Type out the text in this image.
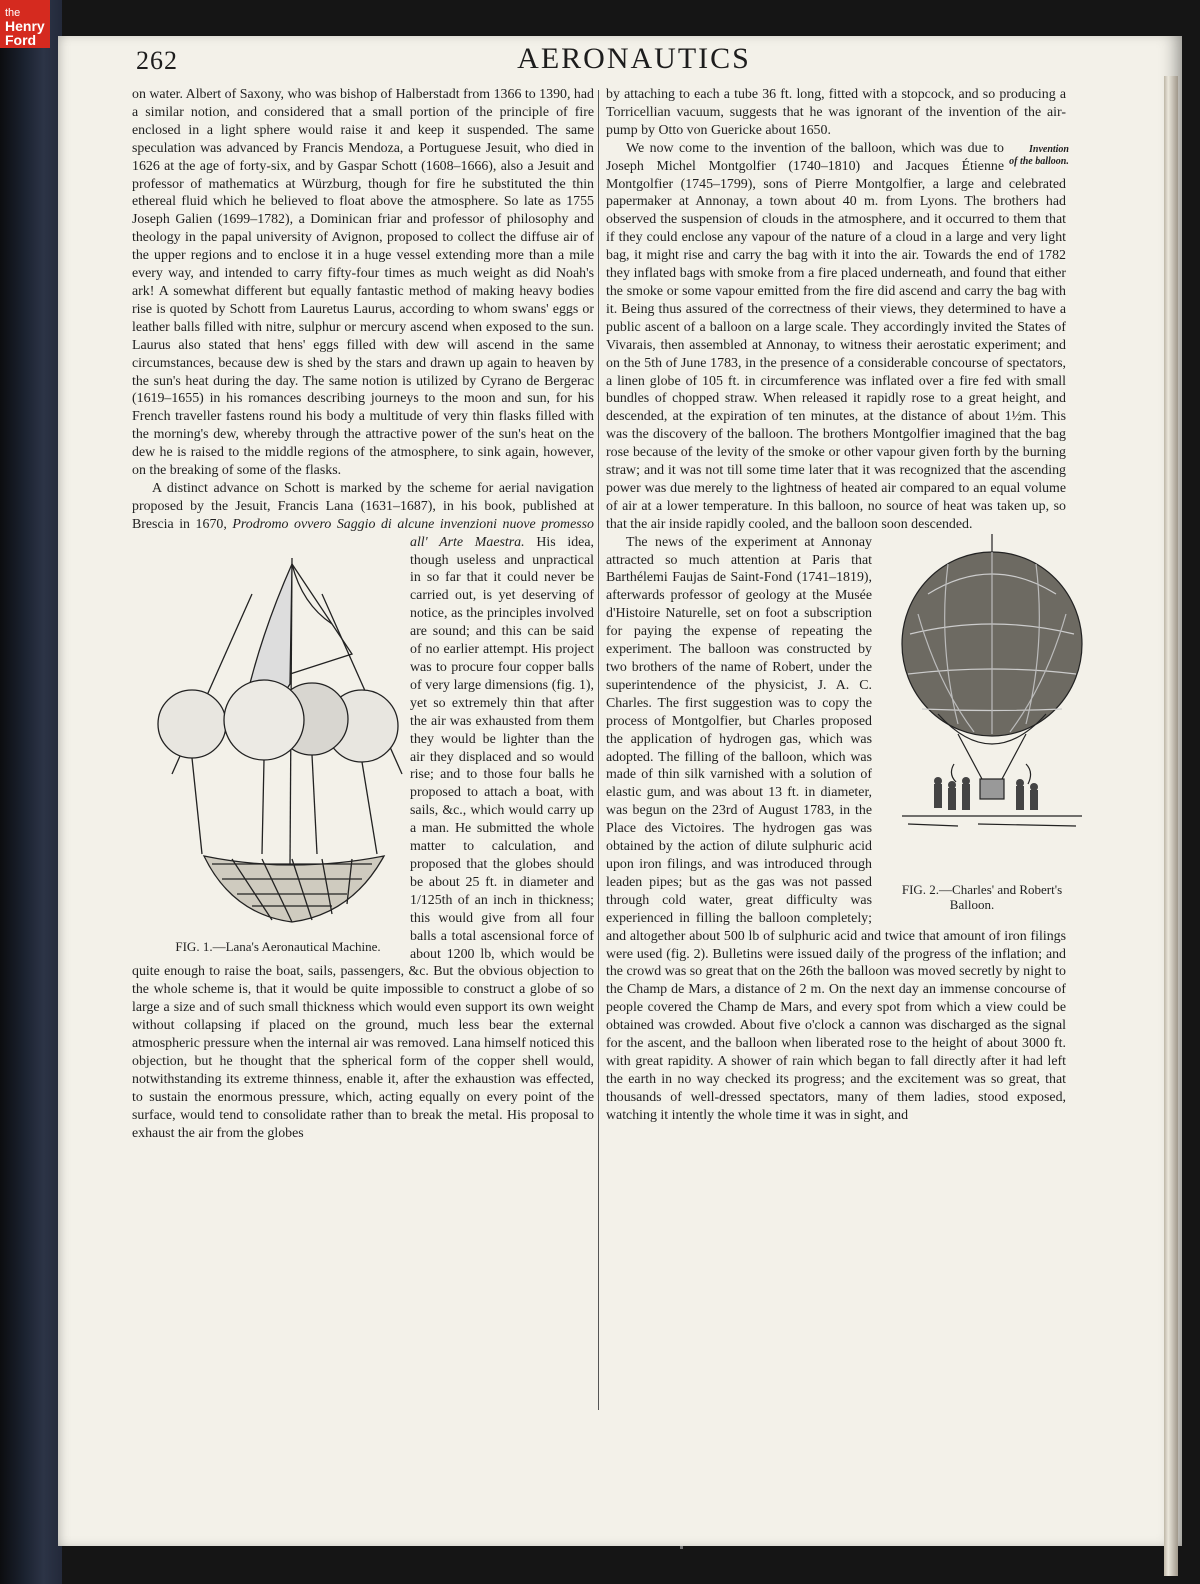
the
Henry
Ford
262	AERONAUTICS

on water. Albert of Saxony, who was bishop of Halberstadt from 1366 to 1390, had a similar notion, and considered that a small portion of the principle of fire enclosed in a light sphere would raise it and keep it suspended. The same speculation was advanced by Francis Mendoza, a Portuguese Jesuit, who died in 1626 at the age of forty-six, and by Gaspar Schott (1608–1666), also a Jesuit and professor of mathematics at Würzburg, though for fire he substituted the thin ethereal fluid which he believed to float above the atmosphere. So late as 1755 Joseph Galien (1699–1782), a Dominican friar and professor of philosophy and theology in the papal university of Avignon, proposed to collect the diffuse air of the upper regions and to enclose it in a huge vessel extending more than a mile every way, and intended to carry fifty-four times as much weight as did Noah's ark! A somewhat different but equally fantastic method of making heavy bodies rise is quoted by Schott from Lauretus Laurus, according to whom swans' eggs or leather balls filled with nitre, sulphur or mercury ascend when exposed to the sun. Laurus also stated that hens' eggs filled with dew will ascend in the same circumstances, because dew is shed by the stars and drawn up again to heaven by the sun's heat during the day. The same notion is utilized by Cyrano de Bergerac (1619–1655) in his romances describing journeys to the moon and sun, for his French traveller fastens round his body a multitude of very thin flasks filled with the morning's dew, whereby through the attractive power of the sun's heat on the dew he is raised to the middle regions of the atmosphere, to sink again, however, on the breaking of some of the flasks.

A distinct advance on Schott is marked by the scheme for aerial navigation proposed by the Jesuit, Francis Lana (1631–1687), in his book, published at Brescia in 1670, Prodromo ovvero Saggio di alcune invenzioni nuove promesso all' Arte Maestra.
FIG. 1.—Lana's Aeronautical Machine.
His idea, though useless and unpractical in so far that it could never be carried out, is yet deserving of notice, as the principles involved are sound; and this can be said of no earlier attempt. His project was to procure four copper balls of very large dimensions (fig. 1), yet so extremely thin that after the air was exhausted from them they would be lighter than the air they displaced and so would rise; and to those four balls he proposed to attach a boat, with sails, &c., which would carry up a man. He submitted the whole matter to calculation, and proposed that the globes should be about 25 ft. in diameter and 1/125th of an inch in thickness; this would give from all four balls a total ascensional force of about 1200 lb, which would be quite enough to raise the boat, sails, passengers, &c. But the obvious objection to the whole scheme is, that it would be quite impossible to construct a globe of so large a size and of such small thickness which would even support its own weight without collapsing if placed on the ground, much less bear the external atmospheric pressure when the internal air was removed. Lana himself noticed this objection, but he thought that the spherical form of the copper shell would, notwithstanding its extreme thinness, enable it, after the exhaustion was effected, to sustain the enormous pressure, which, acting equally on every point of the surface, would tend to consolidate rather than to break the metal. His proposal to exhaust the air from the globes

by attaching to each a tube 36 ft. long, fitted with a stopcock, and so producing a Torricellian vacuum, suggests that he was ignorant of the invention of the air-pump by Otto von Guericke about 1650.

Invention of the balloon.
We now come to the invention of the balloon, which was due to Joseph Michel Montgolfier (1740–1810) and Jacques Étienne Montgolfier (1745–1799), sons of Pierre Montgolfier, a large and celebrated papermaker at Annonay, a town about 40 m. from Lyons. The brothers had observed the suspension of clouds in the atmosphere, and it occurred to them that if they could enclose any vapour of the nature of a cloud in a large and very light bag, it might rise and carry the bag with it into the air. Towards the end of 1782 they inflated bags with smoke from a fire placed underneath, and found that either the smoke or some vapour emitted from the fire did ascend and carry the bag with it. Being thus assured of the correctness of their views, they determined to have a public ascent of a balloon on a large scale. They accordingly invited the States of Vivarais, then assembled at Annonay, to witness their aerostatic experiment; and on the 5th of June 1783, in the presence of a considerable concourse of spectators, a linen globe of 105 ft. in circumference was inflated over a fire fed with small bundles of chopped straw. When released it rapidly rose to a great height, and descended, at the expiration of ten minutes, at the distance of about 1½m. This was the discovery of the balloon. The brothers Montgolfier imagined that the bag rose because of the levity of the smoke or other vapour given forth by the burning straw; and it was not till some time later that it was recognized that the ascending power was due merely to the lightness of heated air compared to an equal volume of air at a lower temperature. In this balloon, no source of heat was taken up, so that the air inside rapidly cooled, and the balloon soon descended.

FIG. 2.—Charles' and Robert's Balloon.
The news of the experiment at Annonay attracted so much attention at Paris that Barthélemi Faujas de Saint-Fond (1741–1819), afterwards professor of geology at the Musée d'Histoire Naturelle, set on foot a subscription for paying the expense of repeating the experiment. The balloon was constructed by two brothers of the name of Robert, under the superintendence of the physicist, J. A. C. Charles. The first suggestion was to copy the process of Montgolfier, but Charles proposed the application of hydrogen gas, which was adopted. The filling of the balloon, which was made of thin silk varnished with a solution of elastic gum, and was about 13 ft. in diameter, was begun on the 23rd of August 1783, in the Place des Victoires. The hydrogen gas was obtained by the action of dilute sulphuric acid upon iron filings, and was introduced through leaden pipes; but as the gas was not passed through cold water, great difficulty was experienced in filling the balloon completely; and altogether about 500 lb of sulphuric acid and twice that amount of iron filings were used (fig. 2). Bulletins were issued daily of the progress of the inflation; and the crowd was so great that on the 26th the balloon was moved secretly by night to the Champ de Mars, a distance of 2 m. On the next day an immense concourse of people covered the Champ de Mars, and every spot from which a view could be obtained was crowded. About five o'clock a cannon was discharged as the signal for the ascent, and the balloon when liberated rose to the height of about 3000 ft. with great rapidity. A shower of rain which began to fall directly after it had left the earth in no way checked its progress; and the excitement was so great, that thousands of well-dressed spectators, many of them ladies, stood exposed, watching it intently the whole time it was in sight, and
